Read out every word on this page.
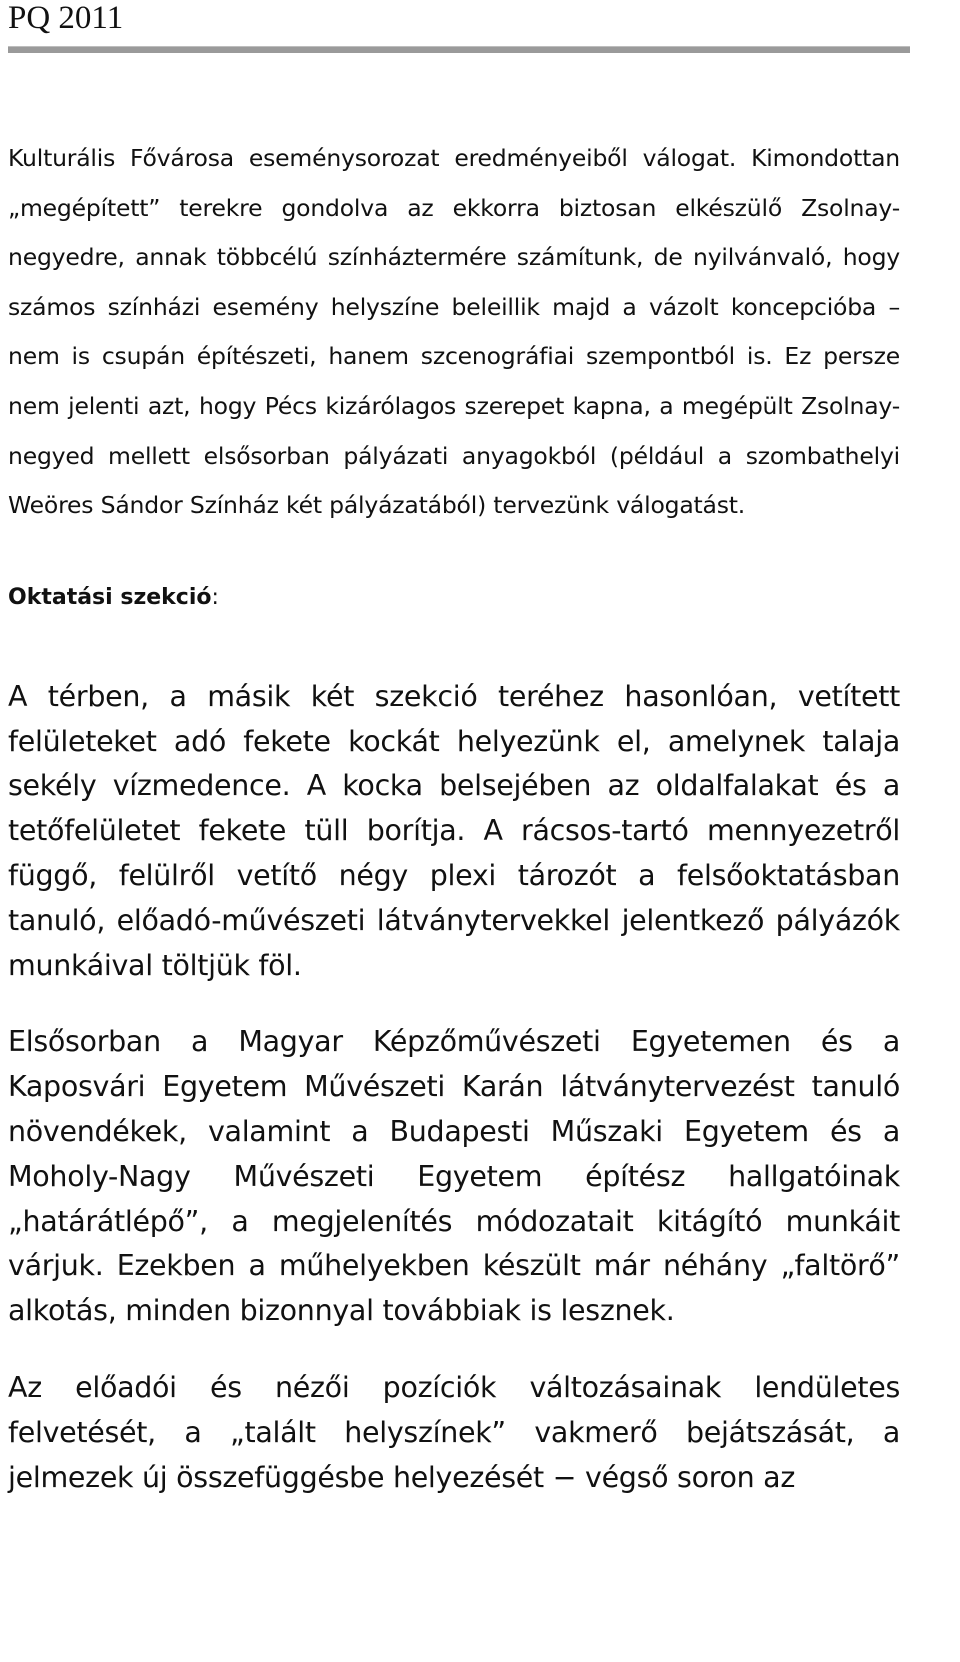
PQ 2011

Kulturális Fővárosa eseménysorozat eredményeiből válogat. Kimondottan „megépített” terekre gondolva az ekkorra biztosan elkészülő Zsolnay-negyedre, annak többcélú színháztermére számítunk, de nyilvánvaló, hogy számos színházi esemény helyszíne beleillik majd a vázolt koncepcióba – nem is csupán építészeti, hanem szcenográfiai szempontból is. Ez persze nem jelenti azt, hogy Pécs kizárólagos szerepet kapna, a megépült Zsolnay-negyed mellett elsősorban pályázati anyagokból (például a szombathelyi Weöres Sándor Színház két pályázatából) tervezünk válogatást.

Oktatási szekció:

A térben, a másik két szekció teréhez hasonlóan, vetített felületeket adó fekete kockát helyezünk el, amelynek talaja sekély vízmedence. A kocka belsejében az oldalfalakat és a tetőfelületet fekete tüll borítja. A rácsos-tartó mennyezetről függő, felülről vetítő négy plexi tározót a felsőoktatásban tanuló, előadó-művészeti látványtervekkel jelentkező pályázók munkáival töltjük föl.

Elsősorban a Magyar Képzőművészeti Egyetemen és a Kaposvári Egyetem Művészeti Karán látványtervezést tanuló növendékek, valamint a Budapesti Műszaki Egyetem és a Moholy-Nagy Művészeti Egyetem építész hallgatóinak „határátlépő”, a megjelenítés módozatait kitágító munkáit várjuk. Ezekben a műhelyekben készült már néhány „faltörő” alkotás, minden bizonnyal továbbiak is lesznek.

Az előadói és nézői pozíciók változásainak lendületes felvetését, a „talált helyszínek” vakmerő bejátszását, a jelmezek új összefüggésbe helyezését − végső soron az
